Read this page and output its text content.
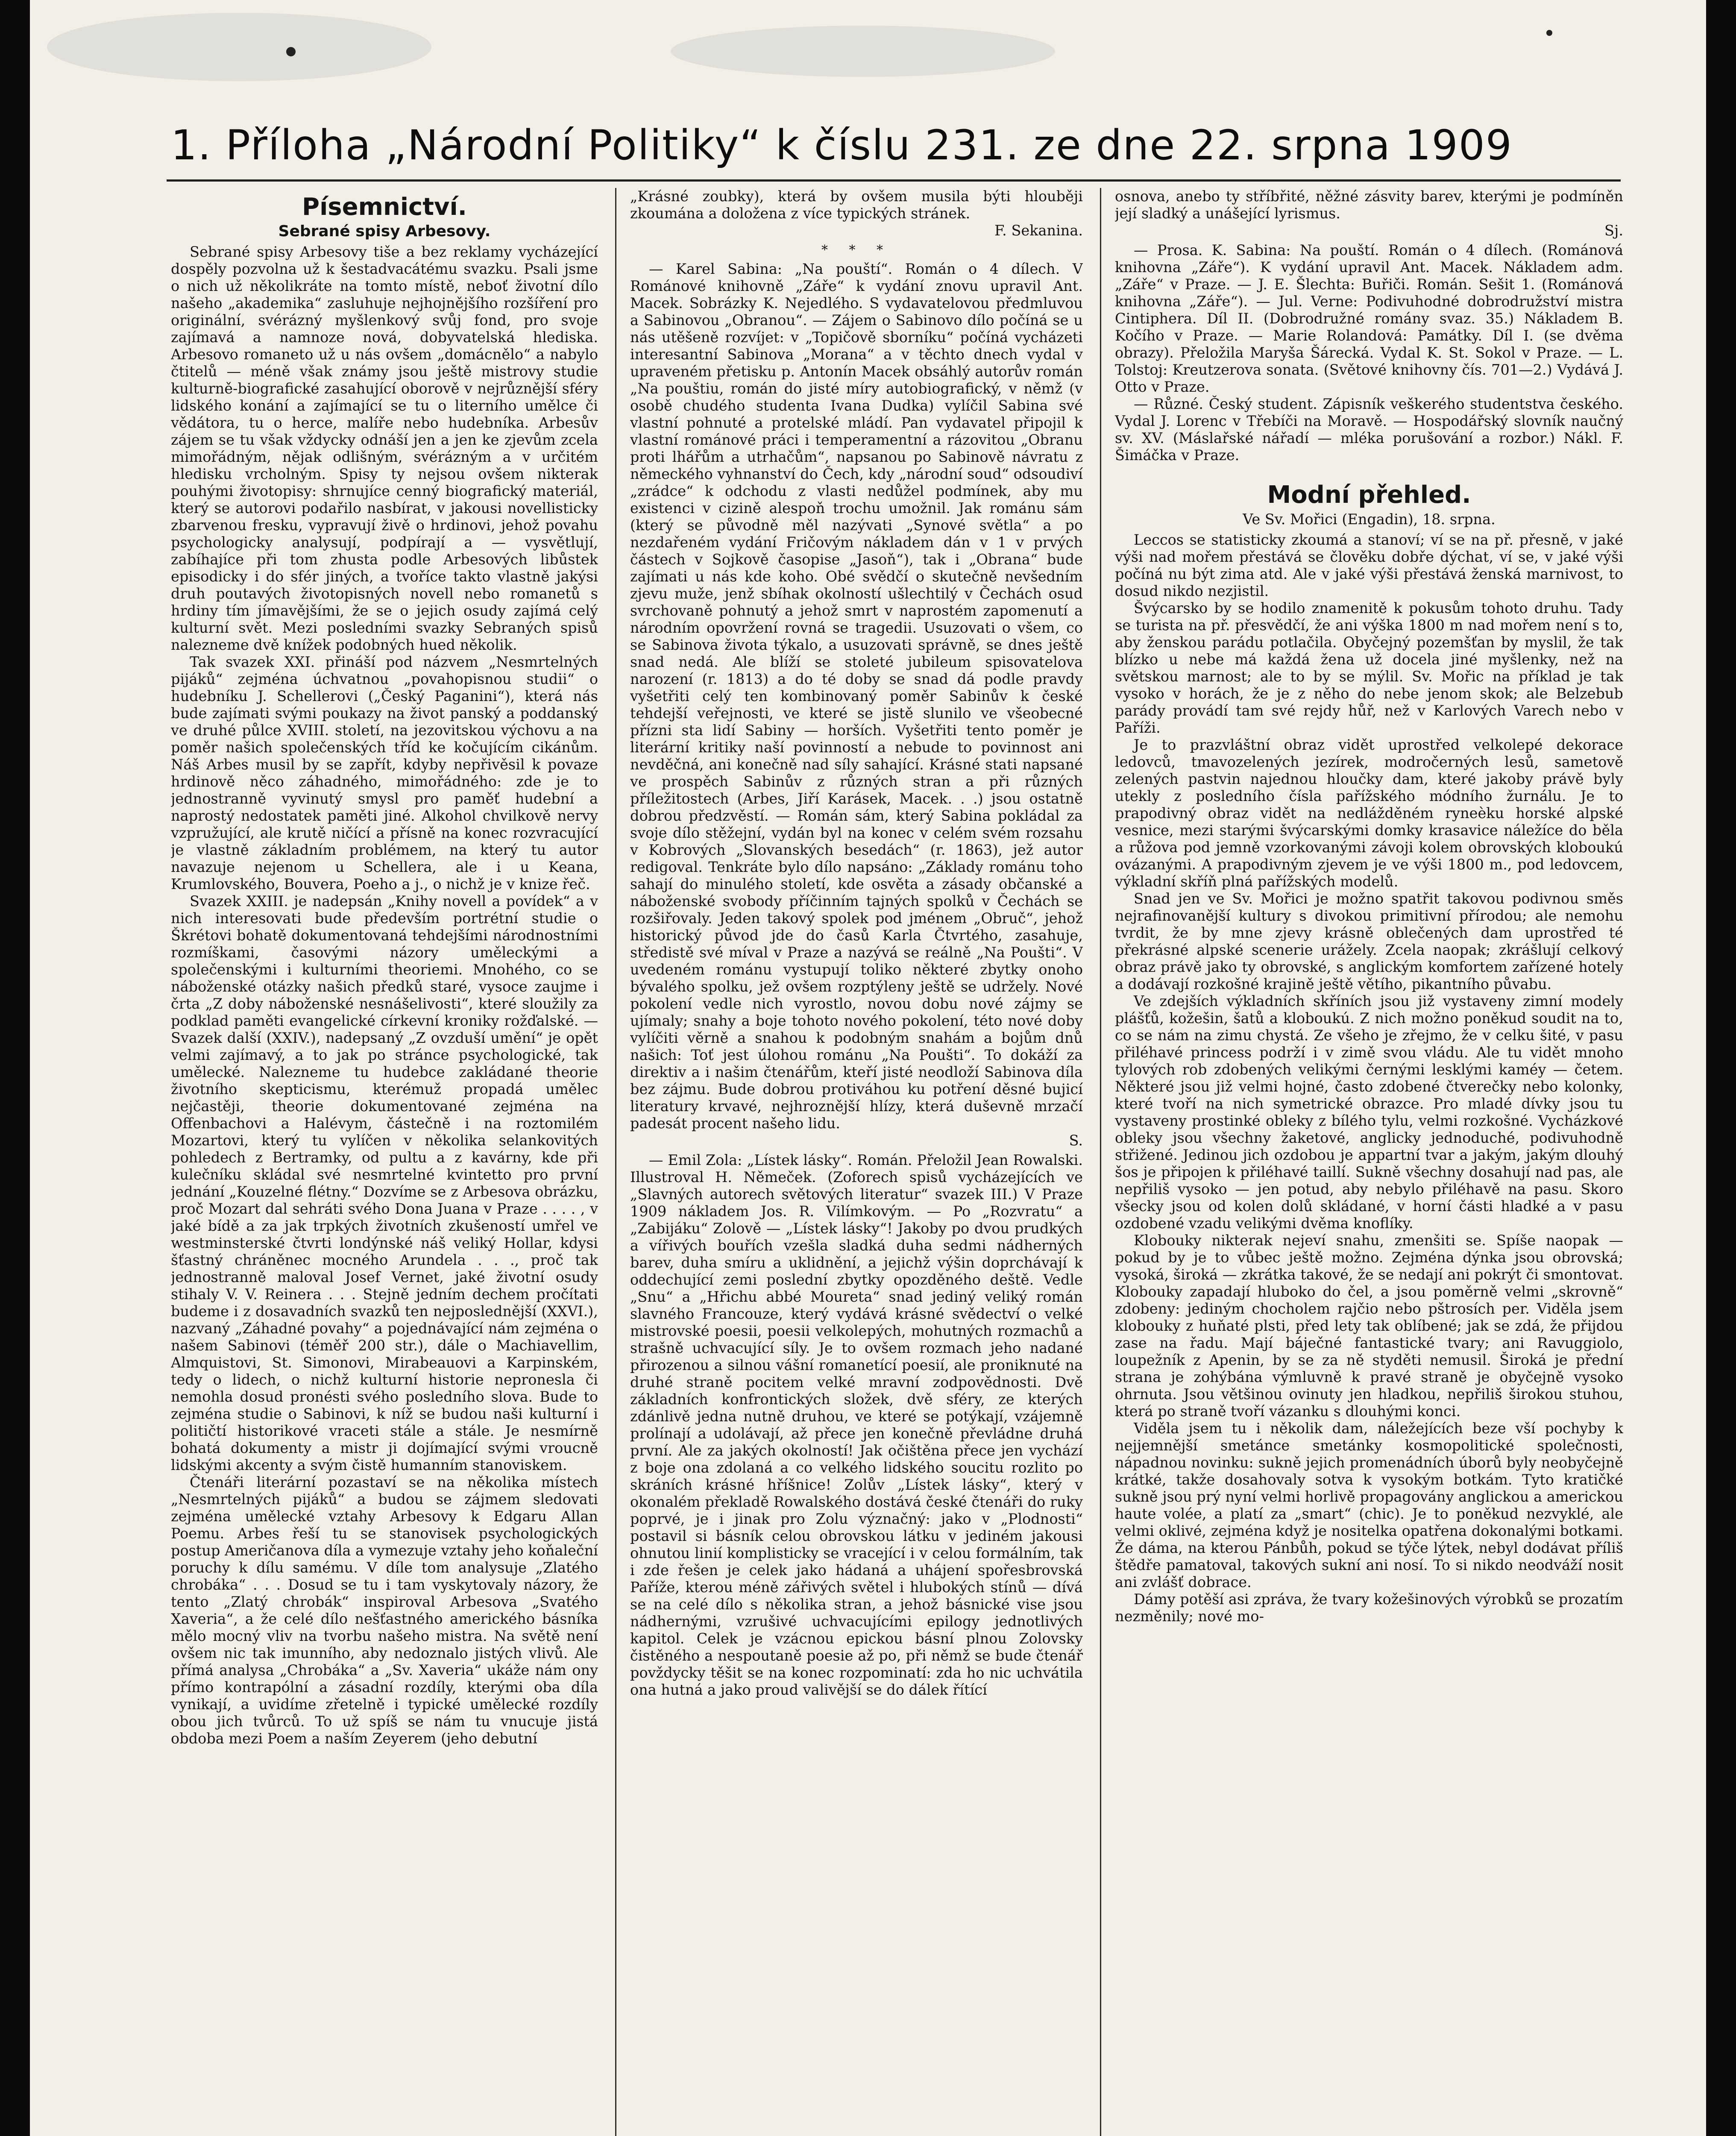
1. Příloha „Národní Politiky“ k číslu 231. ze dne 22. srpna 1909
Písemnictví.
Sebrané spisy Arbesovy.

Sebrané spisy Arbesovy tiše a bez reklamy vycházející dospěly pozvolna už k šestadvacátému svazku. Psali jsme o nich už několikráte na tomto místě, neboť životní dílo našeho „akademika“ zasluhuje nejhojnějšího rozšíření pro originální, svérázný myšlenkový svůj fond, pro svoje zajímavá a namnoze nová, dobyvatelská hlediska. Arbesovo romaneto už u nás ovšem „domácnělo“ a nabylo čtitelů — méně však známy jsou ještě mistrovy studie kulturně-biografické zasahující oborově v nejrůznější sféry lidského konání a zajímající se tu o literního umělce či vědátora, tu o herce, malíře nebo hudebníka. Arbesův zájem se tu však vždycky odnáší jen a jen ke zjevům zcela mimořádným, nějak odlišným, svérázným a v určitém hledisku vrcholným. Spisy ty nejsou ovšem nikterak pouhými životopisy: shrnujíce cenný biografický materiál, který se autorovi podařilo nasbírat, v jakousi novellisticky zbarvenou fresku, vypravují živě o hrdinovi, jehož povahu psychologicky analysují, podpírají a — vysvětlují, zabíhajíce při tom zhusta podle Arbesových libůstek episodicky i do sfér jiných, a tvoříce takto vlastně jakýsi druh poutavých životopisných novell nebo romanetů s hrdiny tím jímavějšími, že se o jejich osudy zajímá celý kulturní svět. Mezi posledními svazky Sebraných spisů nalezneme dvě knížek podobných hued několik.

Tak svazek XXI. přináší pod názvem „Nesmrtelných pijáků“ zejména úchvatnou „povahopisnou studii“ o hudebníku J. Schellerovi („Český Paganini“), která nás bude zajímati svými poukazy na život panský a poddanský ve druhé půlce XVIII. století, na jezovitskou výchovu a na poměr našich společenských tříd ke kočujícím cikánům. Náš Arbes musil by se zapřít, kdyby nepřivěsil k povaze hrdinově něco záhadného, mimořádného: zde je to jednostranně vyvinutý smysl pro paměť hudební a naprostý nedostatek paměti jiné. Alkohol chvilkově nervy vzpružující, ale krutě ničící a přísně na konec rozvracující je vlastně základním problémem, na který tu autor navazuje nejenom u Schellera, ale i u Keana, Krumlovského, Bouvera, Poeho a j., o nichž je v knize řeč.

Svazek XXIII. je nadepsán „Knihy novell a povídek“ a v nich interesovati bude především portrétní studie o Škrétovi bohatě dokumentovaná tehdejšími národnostními rozmíškami, časovými názory uměleckými a společenskými i kulturními theoriemi. Mnohého, co se náboženské otázky našich předků staré, vysoce zaujme i črta „Z doby náboženské nesnášelivosti“, které sloužily za podklad paměti evangelické církevní kroniky rožďalské. — Svazek další (XXIV.), nadepsaný „Z ovzduší umění“ je opět velmi zajímavý, a to jak po stránce psychologické, tak umělecké. Nalezneme tu hudebce zakládané theorie životního skepticismu, kterémuž propadá umělec nejčastěji, theorie dokumentované zejména na Offenbachovi a Halévym, částečně i na roztomilém Mozartovi, který tu vylíčen v několika selankovitých pohledech z Bertramky, od pultu a z kavárny, kde při kulečníku skládal své nesmrtelné kvintetto pro první jednání „Kouzelné flétny.“ Dozvíme se z Arbesova obrázku, proč Mozart dal sehráti svého Dona Juana v Praze . . . . , v jaké bídě a za jak trpkých životních zkušeností umřel ve westminsterské čtvrti londýnské náš veliký Hollar, kdysi šťastný chráněnec mocného Arundela . . ., proč tak jednostranně maloval Josef Vernet, jaké životní osudy stihaly V. V. Reinera . . . Stejně jedním dechem pročítati budeme i z dosavadních svazků ten nejposlednější (XXVI.), nazvaný „Záhadné povahy“ a pojednávající nám zejména o našem Sabinovi (téměř 200 str.), dále o Machiavellim, Almquistovi, St. Simonovi, Mirabeauovi a Karpinském, tedy o lidech, o nichž kulturní historie nepronesla či nemohla dosud pronésti svého posledního slova. Bude to zejména studie o Sabinovi, k níž se budou naši kulturní i političtí historikové vraceti stále a stále. Je nesmírně bohatá dokumenty a mistr ji dojímající svými vroucně lidskými akcenty a svým čistě humanním stanoviskem.

Čtenáři literární pozastaví se na několika místech „Nesmrtelných pijáků“ a budou se zájmem sledovati zejména umělecké vztahy Arbesovy k Edgaru Allan Poemu. Arbes řeší tu se stanovisek psychologických postup Američanova díla a vymezuje vztahy jeho koňaleční poruchy k dílu samému. V díle tom analysuje „Zlatého chrobáka“ . . . Dosud se tu i tam vyskytovaly názory, že tento „Zlatý chrobák“ inspiroval Arbesova „Svatého Xaveria“, a že celé dílo nešťastného amerického básníka mělo mocný vliv na tvorbu našeho mistra. Na světě není ovšem nic tak imunního, aby nedoznalo jistých vlivů. Ale přímá analysa „Chrobáka“ a „Sv. Xaveria“ ukáže nám ony přímo kontrapólní a zásadní rozdíly, kterými oba díla vynikají, a uvidíme zřetelně i typické umělecké rozdíly obou jich tvůrců. To už spíš se nám tu vnucuje jistá obdoba mezi Poem a naším Zeyerem (jeho debutní

„Krásné zoubky), která by ovšem musila býti hlouběji zkoumána a doložena z více typických stránek.

F. Sekanina.
* * *

— Karel Sabina: „Na pouští“. Román o 4 dílech. V Románové knihovně „Záře“ k vydání znovu upravil Ant. Macek. Sobrázky K. Nejedlého. S vydavatelovou předmluvou a Sabinovou „Obranou“. — Zájem o Sabinovo dílo počíná se u nás utěšeně rozvíjet: v „Topičově sborníku“ počíná vycházeti interesantní Sabinova „Morana“ a v těchto dnech vydal v upraveném přetisku p. Antonín Macek obsáhlý autorův román „Na pouštiu, román do jisté míry autobiografický, v němž (v osobě chudého studenta Ivana Dudka) vylíčil Sabina své vlastní pohnuté a protelské mládí. Pan vydavatel připojil k vlastní románové práci i temperamentní a rázovitou „Obranu proti lhářům a utrhačům“, napsanou po Sabinově návratu z německého vyhnanství do Čech, kdy „národní soud“ odsoudiví „zrádce“ k odchodu z vlasti nedůžel podmínek, aby mu existenci v cizině alespoň trochu umožnil. Jak románu sám (který se původně měl nazývati „Synové světla“ a po nezdařeném vydání Fričovým nákladem dán v 1 v prvých částech v Sojkově časopise „Jasoň“), tak i „Obrana“ bude zajímati u nás kde koho. Obé svědčí o skutečně nevšedním zjevu muže, jenž sbíhak okolností ušlechtilý v Čechách osud svrchovaně pohnutý a jehož smrt v naprostém zapomenutí a národním opovržení rovná se tragedii. Usuzovati o všem, co se Sabinova života týkalo, a usuzovati správně, se dnes ještě snad nedá. Ale blíží se stoleté jubileum spisovatelova narození (r. 1813) a do té doby se snad dá podle pravdy vyšetřiti celý ten kombinovaný poměr Sabinův k české tehdejší veřejnosti, ve které se jistě slunilo ve všeobecné přízni sta lidí Sabiny — horších. Vyšetřiti tento poměr je literární kritiky naší povinností a nebude to povinnost ani nevděčná, ani konečně nad síly sahající. Krásné stati napsané ve prospěch Sabinův z různých stran a při různých příležitostech (Arbes, Jiří Karásek, Macek. . .) jsou ostatně dobrou předzvěstí. — Román sám, který Sabina pokládal za svoje dílo stěžejní, vydán byl na konec v celém svém rozsahu v Kobrových „Slovanských besedách“ (r. 1863), jež autor redigoval. Tenkráte bylo dílo napsáno: „Základy románu toho sahají do minulého století, kde osvěta a zásady občanské a náboženské svobody příčinním tajných spolků v Čechách se rozšiřovaly. Jeden takový spolek pod jménem „Obruč“, jehož historický původ jde do časů Karla Čtvrtého, zasahuje, středistě své míval v Praze a nazývá se reálně „Na Poušti“. V uvedeném románu vystupují toliko některé zbytky onoho bývalého spolku, jež ovšem rozptýleny ještě se udržely. Nové pokolení vedle nich vyrostlo, novou dobu nové zájmy se ujímaly; snahy a boje tohoto nového pokolení, této nové doby vylíčiti věrně a snahou k podobným snahám a bojům dnů našich: Toť jest úlohou románu „Na Poušti“. To dokáží za direktiv a i našim čtenářům, kteří jisté neodloží Sabinova díla bez zájmu. Bude dobrou protiváhou ku potření děsné bujicí literatury krvavé, nejhroznější hlízy, která duševně mrzačí padesát procent našeho lidu.

S.

— Emil Zola: „Lístek lásky“. Román. Přeložil Jean Rowalski. Illustroval H. Němeček. (Zoforech spisů vycházejících ve „Slavných autorech světových literatur“ svazek III.) V Praze 1909 nákladem Jos. R. Vilímkovým. — Po „Rozvratu“ a „Zabijáku“ Zolově — „Lístek lásky“! Jakoby po dvou prudkých a vířivých bouřích vzešla sladká duha sedmi nádherných barev, duha smíru a uklidnění, a jejichž výšin doprchávají k oddechující zemi poslední zbytky opozděného deště. Vedle „Snu“ a „Hřichu abbé Moureta“ snad jediný veliký román slavného Francouze, který vydává krásné svědectví o velké mistrovské poesii, poesii velkolepých, mohutných rozmachů a strašně uchvacující síly. Je to ovšem rozmach jeho nadané přirozenou a silnou vášní romanetící poesií, ale proniknuté na druhé straně pocitem velké mravní zodpovědnosti. Dvě základních konfrontických složek, dvě sféry, ze kterých zdánlivě jedna nutně druhou, ve které se potýkají, vzájemně prolínají a udolávají, až přece jen konečně převládne druhá první. Ale za jakých okolností! Jak očištěna přece jen vychází z boje ona zdolaná a co velkého lidského soucitu rozlito po skráních krásné hříšnice! Zolův „Lístek lásky“, který v okonalém překladě Rowalského dostává české čtenáři do ruky poprvé, je i jinak pro Zolu význačný: jako v „Plodnosti“ postavil si básník celou obrovskou látku v jediném jakousi ohnutou linií komplisticky se vracející i v celou formálním, tak i zde řešen je celek jako hádaná a uhájení spořesbrovská Paříže, kterou méně zářivých světel i hlubokých stínů — dívá se na celé dílo s několika stran, a jehož básnické vise jsou nádhernými, vzrušivé uchvacujícími epilogy jednotlivých kapitol. Celek je vzácnou epickou básní plnou Zolovsky čistěného a nespoutaně poesie až po, při němž se bude čtenář povždycky těšit se na konec rozpominatí: zda ho nic uchvátila ona hutná a jako proud valivější se do dálek řítící

osnova, anebo ty stříbřité, něžné zásvity barev, kterými je podmíněn její sladký a unášející lyrismus.

Sj.

— Prosa. K. Sabina: Na pouští. Román o 4 dílech. (Románová knihovna „Záře“). K vydání upravil Ant. Macek. Nákladem adm. „Záře“ v Praze. — J. E. Šlechta: Buřiči. Román. Sešit 1. (Románová knihovna „Záře“). — Jul. Verne: Podivuhodné dobrodružství mistra Cintiphera. Díl II. (Dobrodružné romány svaz. 35.) Nákladem B. Kočího v Praze. — Marie Rolandová: Památky. Díl I. (se dvěma obrazy). Přeložila Maryša Šárecká. Vydal K. St. Sokol v Praze. — L. Tolstoj: Kreutzerova sonata. (Světové knihovny čís. 701—2.) Vydává J. Otto v Praze.

— Různé. Český student. Zápisník veškerého studentstva českého. Vydal J. Lorenc v Třebíči na Moravě. — Hospodářský slovník naučný sv. XV. (Máslařské nářadí — mléka porušování a rozbor.) Nákl. F. Šimáčka v Praze.

Modní přehled.
Ve Sv. Mořici (Engadin), 18. srpna.

Leccos se statisticky zkoumá a stanoví; ví se na př. přesně, v jaké výši nad mořem přestává se člověku dobře dýchat, ví se, v jaké výši počíná nu být zima atd. Ale v jaké výši přestává ženská marnivost, to dosud nikdo nezjistil.

Švýcarsko by se hodilo znamenitě k pokusům tohoto druhu. Tady se turista na př. přesvědčí, že ani výška 1800 m nad mořem není s to, aby ženskou parádu potlačila. Obyčejný pozemšťan by myslil, že tak blízko u nebe má každá žena už docela jiné myšlenky, než na světskou marnost; ale to by se mýlil. Sv. Mořic na příklad je tak vysoko v horách, že je z něho do nebe jenom skok; ale Belzebub parády provádí tam své rejdy hůř, než v Karlových Varech nebo v Paříži.

Je to prazvláštní obraz vidět uprostřed velkolepé dekorace ledovců, tmavozelených jezírek, modročerných lesů, sametově zelených pastvin najednou hloučky dam, které jakoby právě byly utekly z posledního čísla pařížského módního žurnálu. Je to prapodivný obraz vidět na nedlážděném ryneèku horské alpské vesnice, mezi starými švýcarskými domky krasavice náležíce do běla a růžova pod jemně vzorkovanými závoji kolem obrovských kloboukú ovázanými. A prapodivným zjevem je ve výši 1800 m., pod ledovcem, výkladní skříň plná pařížských modelů.

Snad jen ve Sv. Mořici je možno spatřit takovou podivnou směs nejrafinovanější kultury s divokou primitivní přírodou; ale nemohu tvrdit, že by mne zjevy krásně oblečených dam uprostřed té překrásné alpské scenerie urážely. Zcela naopak; zkrášlují celkový obraz právě jako ty obrovské, s anglickým komfortem zařízené hotely a dodávají rozkošné krajině ještě větího, pikantního půvabu.

Ve zdejších výkladních skříních jsou již vystaveny zimní modely plášťů, kožešin, šatů a kloboukú. Z nich možno poněkud soudit na to, co se nám na zimu chystá. Ze všeho je zřejmo, že v celku šité, v pasu přiléhavé princess podrží i v zimě svou vládu. Ale tu vidět mnoho tylových rob zdobených velikými černými lesklými kaméy — četem. Některé jsou již velmi hojné, často zdobené čtverečky nebo kolonky, které tvoří na nich symetrické obrazce. Pro mladé dívky jsou tu vystaveny prostinké obleky z bílého tylu, velmi rozkošné. Vycházkové obleky jsou všechny žaketové, anglicky jednoduché, podivuhodně střižené. Jedinou jich ozdobou je appartní tvar a jakým, jakým dlouhý šos je připojen k přiléhavé taillí. Sukně všechny dosahují nad pas, ale nepřiliš vysoko — jen potud, aby nebylo přiléhavě na pasu. Skoro všecky jsou od kolen dolů skládané, v horní části hladké a v pasu ozdobené vzadu velikými dvěma knoflíky.

Klobouky nikterak nejeví snahu, zmenšiti se. Spíše naopak — pokud by je to vůbec ještě možno. Zejména dýnka jsou obrovská; vysoká, široká — zkrátka takové, že se nedají ani pokrýt či smontovat. Klobouky zapadají hluboko do čel, a jsou poměrně velmi „skrovně“ zdobeny: jediným chocholem rajčio nebo pštrosích per. Viděla jsem klobouky z huňaté plsti, před lety tak oblíbené; jak se zdá, že přijdou zase na řadu. Mají báječné fantastické tvary; ani Ravuggiolo, loupežník z Apenin, by se za ně styděti nemusil. Široká je přední strana je zohýbána výmluvně k pravé straně je obyčejně vysoko ohrnuta. Jsou většinou ovinuty jen hladkou, nepřiliš širokou stuhou, která po straně tvoří vázanku s dlouhými konci.

Viděla jsem tu i několik dam, náležejících beze vší pochyby k nejjemnější smetánce smetánky kosmopolitické společnosti, nápadnou novinku: sukně jejich promenádních úborů byly neobyčejně krátké, takže dosahovaly sotva k vysokým botkám. Tyto kratičké sukně jsou prý nyní velmi horlivě propagovány anglickou a americkou haute volée, a platí za „smart“ (chic). Je to poněkud nezvyklé, ale velmi oklivé, zejména když je nositelka opatřena dokonalými botkami. Že dáma, na kterou Pánbůh, pokud se týče lýtek, nebyl dodávat příliš štědře pamatoval, takových sukní ani nosí. To si nikdo neodváží nosit ani zvlášť dobrace.

Dámy potěší asi zpráva, že tvary kožešinových výrobků se prozatím nezměnily; nové mo-
